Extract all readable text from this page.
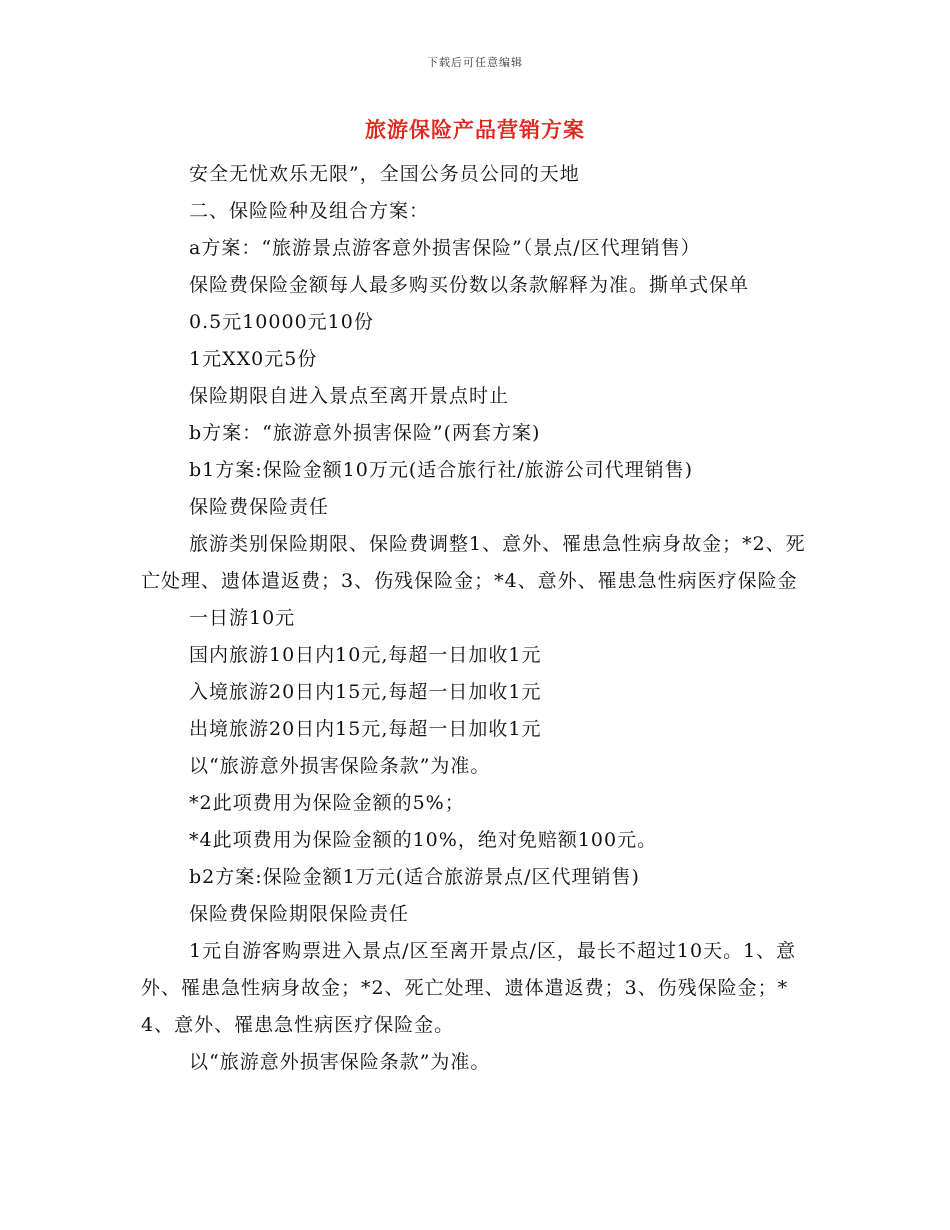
下载后可任意编辑
旅游保险产品营销方案

安全无忧欢乐无限”，全国公务员公同的天地

二、保险险种及组合方案：

a方案：“旅游景点游客意外损害保险”（景点/区代理销售）

保险费保险金额每人最多购买份数以条款解释为准。撕单式保单

0.5元10000元10份

1元XX0元5份

保险期限自进入景点至离开景点时止

b方案：“旅游意外损害保险”(两套方案)

b1方案:保险金额10万元(适合旅行社/旅游公司代理销售)

保险费保险责任

旅游类别保险期限、保险费调整1、意外、罹患急性病身故金；*2、死亡处理、遗体遣返费；3、伤残保险金；*4、意外、罹患急性病医疗保险金

一日游10元

国内旅游10日内10元,每超一日加收1元

入境旅游20日内15元,每超一日加收1元

出境旅游20日内15元,每超一日加收1元

以“旅游意外损害保险条款”为准。

*2此项费用为保险金额的5%；

*4此项费用为保险金额的10%，绝对免赔额100元。

b2方案:保险金额1万元(适合旅游景点/区代理销售)

保险费保险期限保险责任

1元自游客购票进入景点/区至离开景点/区，最长不超过10天。1、意外、罹患急性病身故金；*2、死亡处理、遗体遣返费；3、伤残保险金；*4、意外、罹患急性病医疗保险金。

以“旅游意外损害保险条款”为准。
